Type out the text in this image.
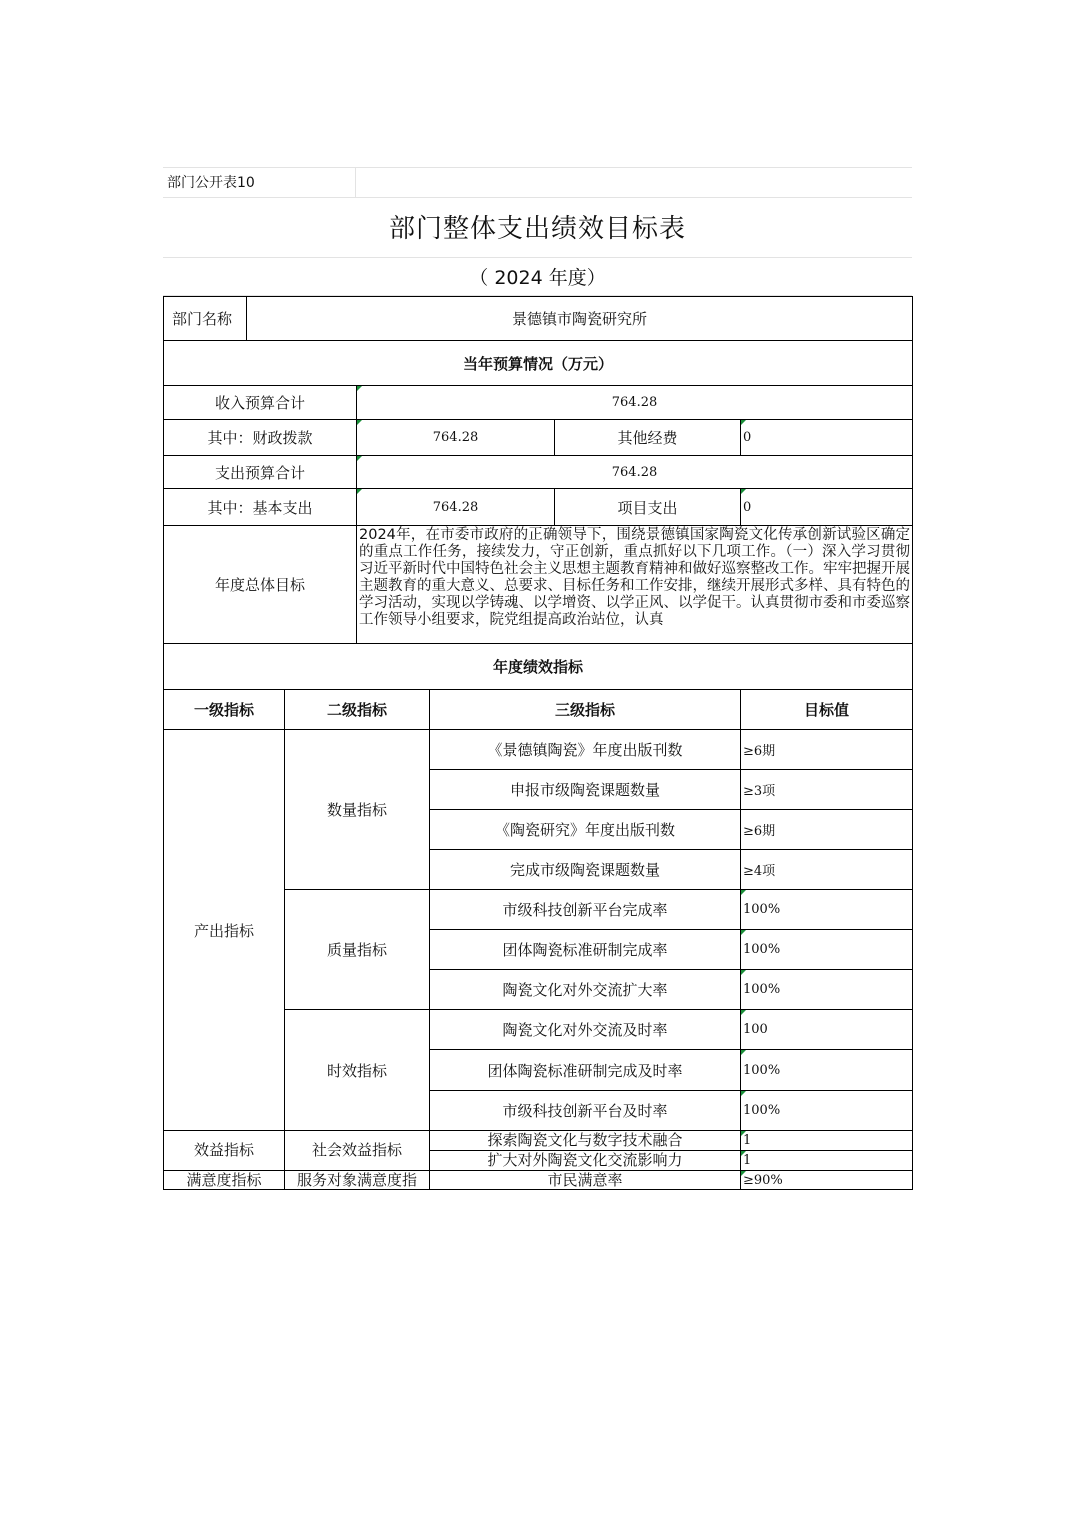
部门公开表10
部门整体支出绩效目标表
（ 2024 年度）
部门名称	景德镇市陶瓷研究所			
当年预算情况（万元）				
收入预算合计		764.28		
其中：财政拨款		764.28	其他经费	0
支出预算合计		764.28		
其中：基本支出		764.28	项目支出	0
年度总体目标		2024年，在市委市政府的正确领导下，围绕景德镇国家陶瓷文化传承创新试验区确定的重点工作任务，接续发力，守正创新，重点抓好以下几项工作。（一）深入学习贯彻习近平新时代中国特色社会主义思想主题教育精神和做好巡察整改工作。牢牢把握开展主题教育的重大意义、总要求、目标任务和工作安排，继续开展形式多样、具有特色的学习活动，实现以学铸魂、以学增资、以学正风、以学促干。认真贯彻市委和市委巡察工作领导小组要求，院党组提高政治站位，认真		

年度绩效指标				
一级指标	二级指标	三级指标	目标值
产出指标	数量指标	《景德镇陶瓷》年度出版刊数	≥6期
		申报市级陶瓷课题数量	≥3项
		《陶瓷研究》年度出版刊数	≥6期
		完成市级陶瓷课题数量	≥4项
	质量指标	市级科技创新平台完成率	100%
		团体陶瓷标准研制完成率	100%
		陶瓷文化对外交流扩大率	100%
	时效指标	陶瓷文化对外交流及时率	100
		团体陶瓷标准研制完成及时率	100%
		市级科技创新平台及时率	100%
效益指标	社会效益指标	探索陶瓷文化与数字技术融合	1
		扩大对外陶瓷文化交流影响力	1
满意度指标	服务对象满意度指	市民满意率	≥90%
